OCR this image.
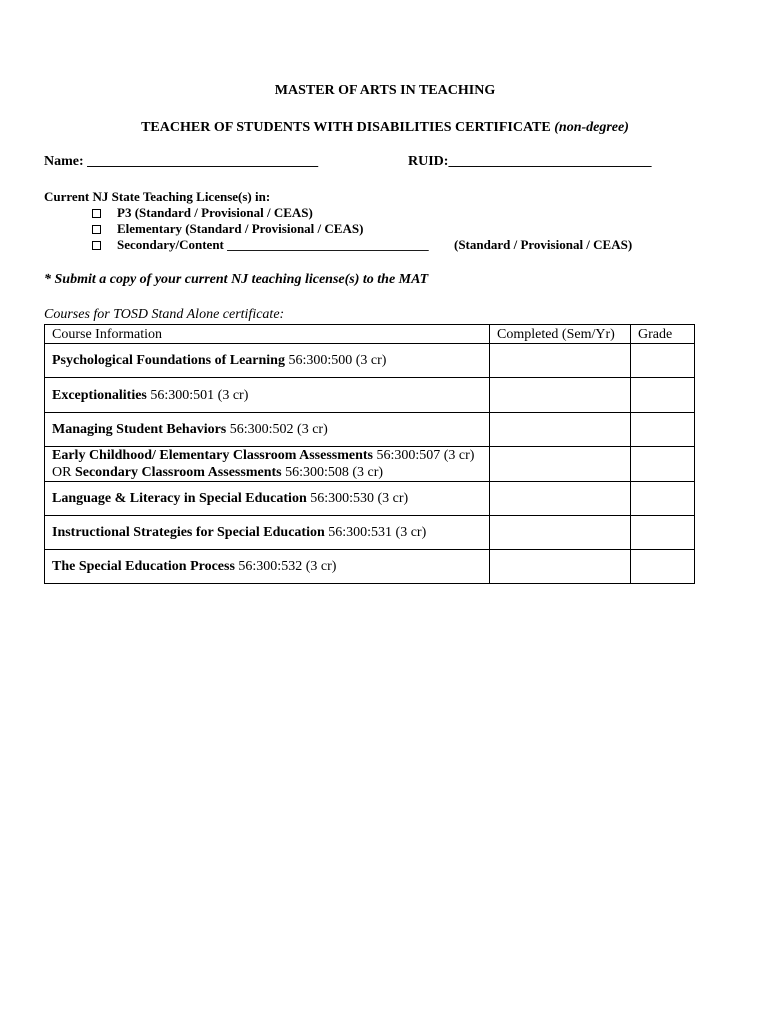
MASTER OF ARTS IN TEACHING
TEACHER OF STUDENTS WITH DISABILITIES CERTIFICATE (non-degree)
Name: _________________________________	RUID:_____________________________
Current NJ State Teaching License(s) in:
P3 (Standard / Provisional / CEAS)
Elementary (Standard / Provisional / CEAS)
Secondary/Content _______________________________ (Standard / Provisional / CEAS)
* Submit a copy of your current NJ teaching license(s) to the MAT
Courses for TOSD Stand Alone certificate:
Course Information	Completed (Sem/Yr)	Grade
Psychological Foundations of Learning 56:300:500 (3 cr)		
Exceptionalities 56:300:501 (3 cr)		
Managing Student Behaviors 56:300:502 (3 cr)		
Early Childhood/ Elementary Classroom Assessments 56:300:507 (3 cr) OR Secondary Classroom Assessments 56:300:508 (3 cr)		
Language & Literacy in Special Education 56:300:530 (3 cr)		
Instructional Strategies for Special Education 56:300:531 (3 cr)		
The Special Education Process 56:300:532 (3 cr)		
